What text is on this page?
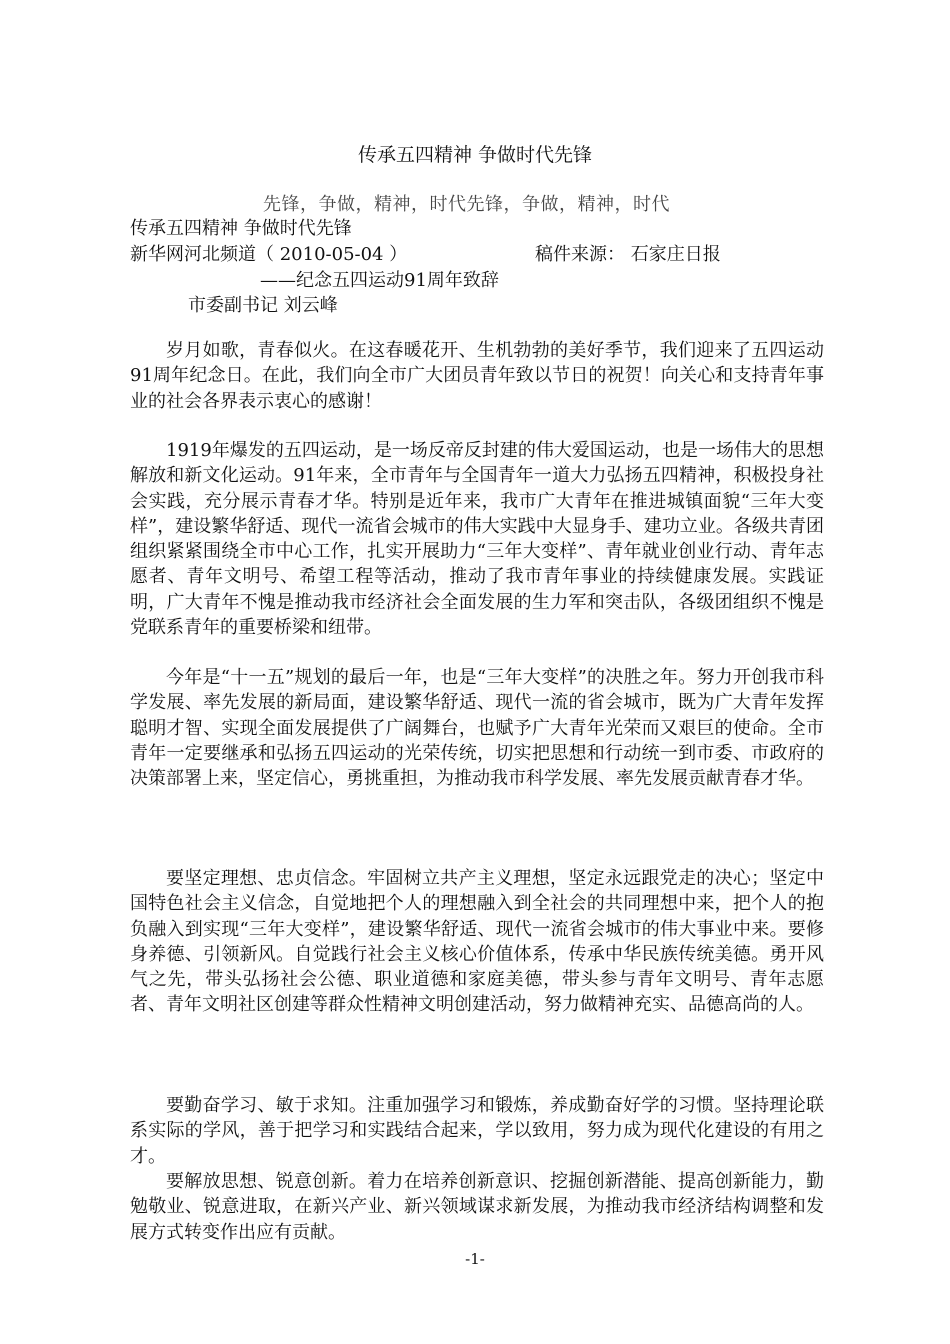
传承五四精神 争做时代先锋
先锋，争做，精神，时代先锋，争做，精神，时代
传承五四精神 争做时代先锋
新华网河北频道（ 2010-05-04 ）	稿件来源： 石家庄日报
——纪念五四运动91周年致辞
市委副书记 刘云峰

岁月如歌，青春似火。在这春暖花开、生机勃勃的美好季节，我们迎来了五四运动91周年纪念日。在此，我们向全市广大团员青年致以节日的祝贺！向关心和支持青年事业的社会各界表示衷心的感谢！

1919年爆发的五四运动，是一场反帝反封建的伟大爱国运动，也是一场伟大的思想解放和新文化运动。91年来，全市青年与全国青年一道大力弘扬五四精神，积极投身社会实践，充分展示青春才华。特别是近年来，我市广大青年在推进城镇面貌“三年大变样”，建设繁华舒适、现代一流省会城市的伟大实践中大显身手、建功立业。各级共青团组织紧紧围绕全市中心工作，扎实开展助力“三年大变样”、青年就业创业行动、青年志愿者、青年文明号、希望工程等活动，推动了我市青年事业的持续健康发展。实践证明，广大青年不愧是推动我市经济社会全面发展的生力军和突击队，各级团组织不愧是党联系青年的重要桥梁和纽带。

今年是“十一五”规划的最后一年，也是“三年大变样”的决胜之年。努力开创我市科学发展、率先发展的新局面，建设繁华舒适、现代一流的省会城市，既为广大青年发挥聪明才智、实现全面发展提供了广阔舞台，也赋予广大青年光荣而又艰巨的使命。全市青年一定要继承和弘扬五四运动的光荣传统，切实把思想和行动统一到市委、市政府的决策部署上来，坚定信心，勇挑重担，为推动我市科学发展、率先发展贡献青春才华。

要坚定理想、忠贞信念。牢固树立共产主义理想，坚定永远跟党走的决心；坚定中国特色社会主义信念，自觉地把个人的理想融入到全社会的共同理想中来，把个人的抱负融入到实现“三年大变样”，建设繁华舒适、现代一流省会城市的伟大事业中来。要修身养德、引领新风。自觉践行社会主义核心价值体系，传承中华民族传统美德。勇开风气之先，带头弘扬社会公德、职业道德和家庭美德，带头参与青年文明号、青年志愿者、青年文明社区创建等群众性精神文明创建活动，努力做精神充实、品德高尚的人。

要勤奋学习、敏于求知。注重加强学习和锻炼，养成勤奋好学的习惯。坚持理论联系实际的学风，善于把学习和实践结合起来，学以致用，努力成为现代化建设的有用之才。

要解放思想、锐意创新。着力在培养创新意识、挖掘创新潜能、提高创新能力，勤勉敬业、锐意进取，在新兴产业、新兴领域谋求新发展，为推动我市经济结构调整和发展方式转变作出应有贡献。

-1-
